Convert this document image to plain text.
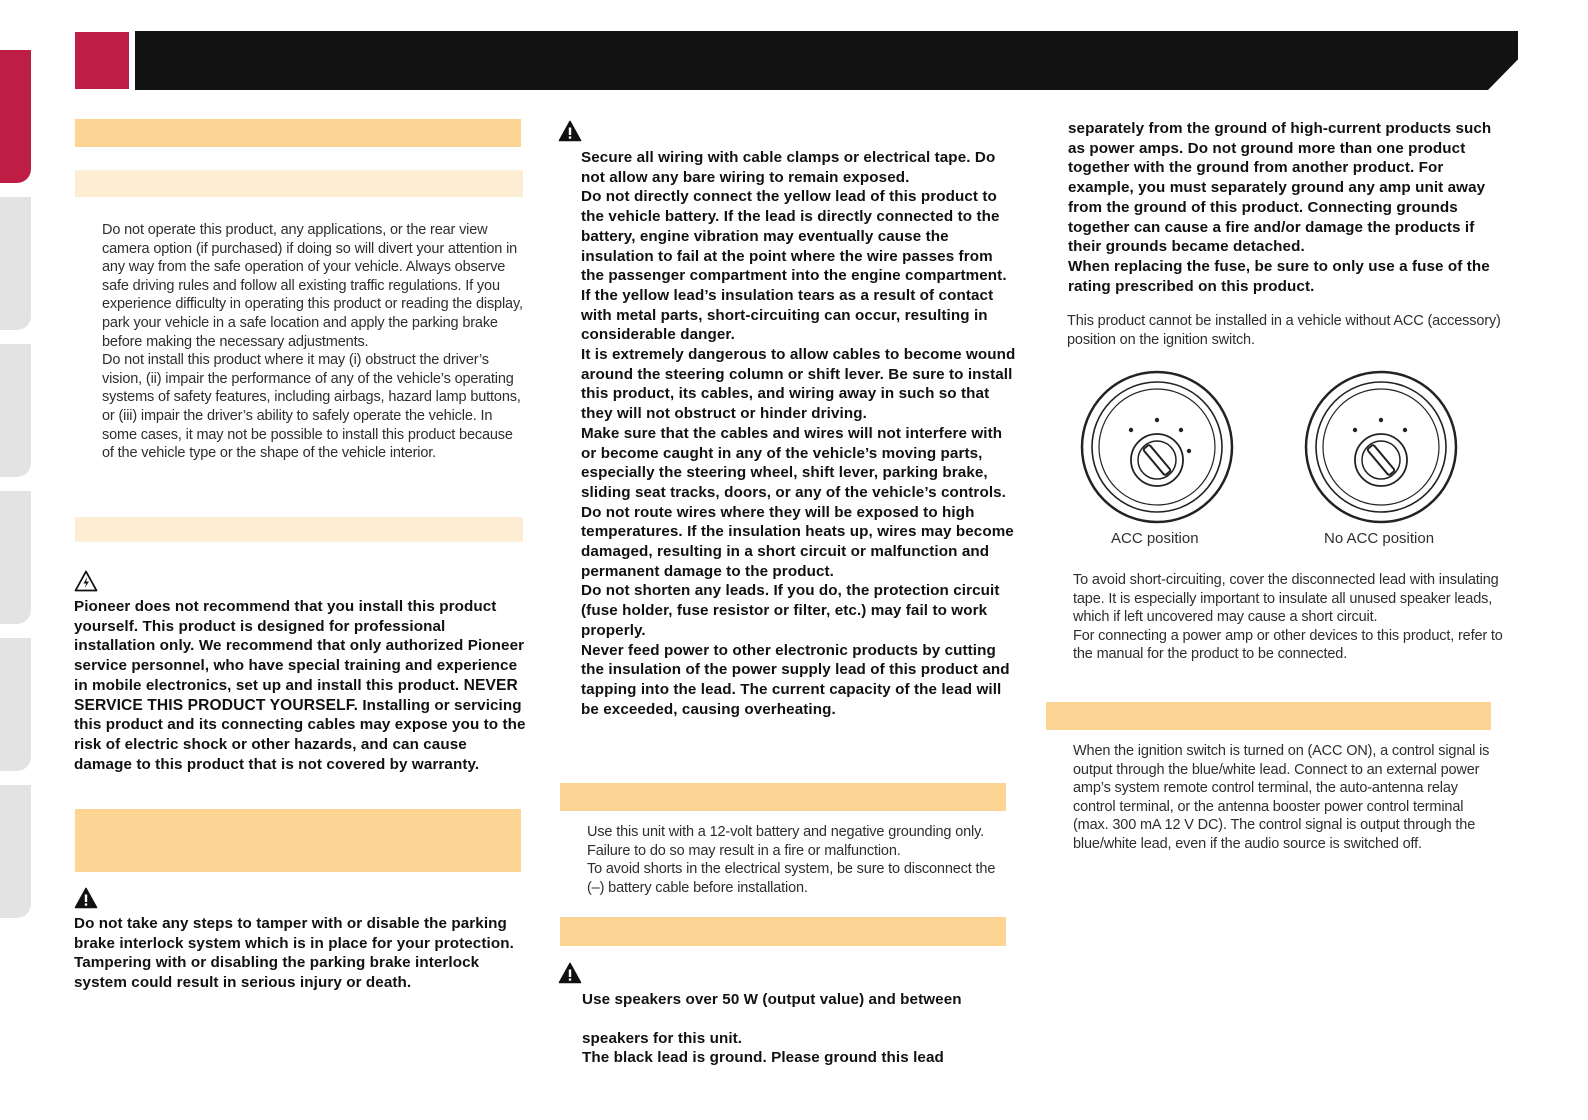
Do not operate this product, any applications, or the rear view camera option (if purchased) if doing so will divert your attention in any way from the safe operation of your vehicle. Always observe safe driving rules and follow all existing traffic regulations. If you experience difficulty in operating this product or reading the display, park your vehicle in a safe location and apply the parking brake before making the necessary adjustments.

Do not install this product where it may (i) obstruct the driver’s vision, (ii) impair the performance of any of the vehicle’s operating systems of safety features, including airbags, hazard lamp buttons, or (iii) impair the driver’s ability to safely operate the vehicle. In some cases, it may not be possible to install this product because of the vehicle type or the shape of the vehicle interior.

Pioneer does not recommend that you install this product yourself. This product is designed for professional installation only. We recommend that only authorized Pioneer service personnel, who have special training and experience in mobile electronics, set up and install this product. NEVER SERVICE THIS PRODUCT YOURSELF. Installing or servicing this product and its connecting cables may expose you to the risk of electric shock or other hazards, and can cause damage to this product that is not covered by warranty.

Do not take any steps to tamper with or disable the parking brake interlock system which is in place for your protection. Tampering with or disabling the parking brake interlock system could result in serious injury or death.

Secure all wiring with cable clamps or electrical tape. Do not allow any bare wiring to remain exposed.

Do not directly connect the yellow lead of this product to the vehicle battery. If the lead is directly connected to the battery, engine vibration may eventually cause the insulation to fail at the point where the wire passes from the passenger compartment into the engine compartment. If the yellow lead’s insulation tears as a result of contact with metal parts, short-circuiting can occur, resulting in considerable danger.

It is extremely dangerous to allow cables to become wound around the steering column or shift lever. Be sure to install this product, its cables, and wiring away in such so that they will not obstruct or hinder driving.

Make sure that the cables and wires will not interfere with or become caught in any of the vehicle’s moving parts, especially the steering wheel, shift lever, parking brake, sliding seat tracks, doors, or any of the vehicle’s controls.

Do not route wires where they will be exposed to high temperatures. If the insulation heats up, wires may become damaged, resulting in a short circuit or malfunction and permanent damage to the product.

Do not shorten any leads. If you do, the protection circuit (fuse holder, fuse resistor or filter, etc.) may fail to work properly.

Never feed power to other electronic products by cutting the insulation of the power supply lead of this product and tapping into the lead. The current capacity of the lead will be exceeded, causing overheating.

Use this unit with a 12-volt battery and negative grounding only. Failure to do so may result in a fire or malfunction.

To avoid shorts in the electrical system, be sure to disconnect the (–) battery cable before installation.

Use speakers over 50 W (output value) and between

speakers for this unit.

The black lead is ground. Please ground this lead

separately from the ground of high-current products such as power amps. Do not ground more than one product together with the ground from another product. For example, you must separately ground any amp unit away from the ground of this product. Connecting grounds together can cause a fire and/or damage the products if their grounds became detached.

When replacing the fuse, be sure to only use a fuse of the rating prescribed on this product.

This product cannot be installed in a vehicle without ACC (accessory) position on the ignition switch.

ACC position	No ACC position

To avoid short-circuiting, cover the disconnected lead with insulating tape. It is especially important to insulate all unused speaker leads, which if left uncovered may cause a short circuit.

For connecting a power amp or other devices to this product, refer to the manual for the product to be connected.

When the ignition switch is turned on (ACC ON), a control signal is output through the blue/white lead. Connect to an external power amp’s system remote control terminal, the auto-antenna relay control terminal, or the antenna booster power control terminal (max. 300 mA 12 V DC). The control signal is output through the blue/white lead, even if the audio source is switched off.
